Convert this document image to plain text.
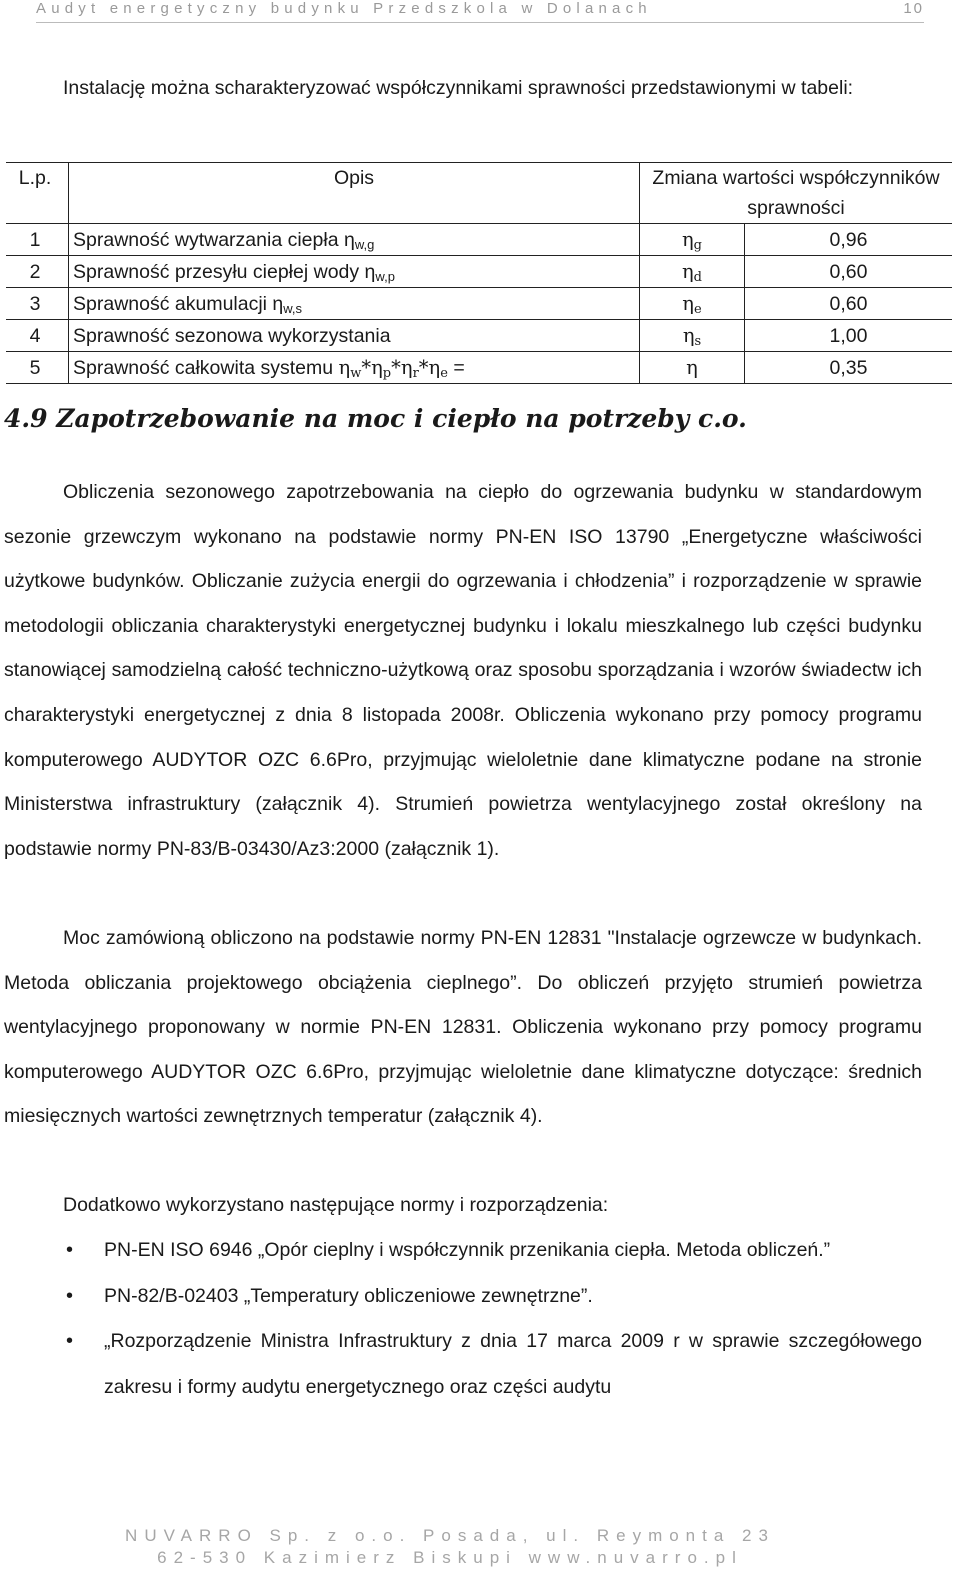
Audyt energetyczny budynku Przedszkola w Dolanach	10

Instalację można scharakteryzować współczynnikami sprawności przedstawionymi w tabeli:

L.p.	Opis	Zmiana wartości współczynników sprawności	
1	Sprawność wytwarzania ciepła $\eta_{w,g}$	$\eta_g$	0,96
2	Sprawność przesyłu ciepłej wody $\eta_{w,p}$	$\eta_d$	0,60
3	Sprawność akumulacji $\eta_{w,s}$	$\eta_e$	0,60
4	Sprawność sezonowa wykorzystania	$\eta_s$	1,00
5	Sprawność całkowita systemu $\eta_w*\eta_p*\eta_r*\eta_e$ =	η	0,35
4.9 Zapotrzebowanie na moc i ciepło na potrzeby c.o.

Obliczenia sezonowego zapotrzebowania na ciepło do ogrzewania budynku w standardowym sezonie grzewczym wykonano na podstawie normy PN-EN ISO 13790 „Energetyczne właściwości użytkowe budynków. Obliczanie zużycia energii do ogrzewania i chłodzenia” i rozporządzenie w sprawie metodologii obliczania charakterystyki energetycznej budynku i lokalu mieszkalnego lub części budynku stanowiącej samodzielną całość techniczno-użytkową oraz sposobu sporządzania i wzorów świadectw ich charakterystyki energetycznej z dnia 8 listopada 2008r. Obliczenia wykonano przy pomocy programu komputerowego AUDYTOR OZC 6.6Pro, przyjmując wieloletnie dane klimatyczne podane na stronie Ministerstwa infrastruktury (załącznik 4). Strumień powietrza wentylacyjnego został określony na podstawie normy PN-83/B-03430/Az3:2000 (załącznik 1).

Moc zamówioną obliczono na podstawie normy PN-EN 12831 "Instalacje ogrzewcze w budynkach. Metoda obliczania projektowego obciążenia cieplnego”. Do obliczeń przyjęto strumień powietrza wentylacyjnego proponowany w normie PN-EN 12831. Obliczenia wykonano przy pomocy programu komputerowego AUDYTOR OZC 6.6Pro, przyjmując wieloletnie dane klimatyczne dotyczące: średnich miesięcznych wartości zewnętrznych temperatur (załącznik 4).

Dodatkowo wykorzystano następujące normy i rozporządzenia:

• PN-EN ISO 6946 „Opór cieplny i współczynnik przenikania ciepła. Metoda obliczeń.”
• PN-82/B-02403 „Temperatury obliczeniowe zewnętrzne”.
• „Rozporządzenie Ministra Infrastruktury z dnia 17 marca 2009 r w sprawie szczegółowego zakresu i formy audytu energetycznego oraz części audytu
NUVARRO Sp. z o.o. Posada, ul. Reymonta 23
62-530 Kazimierz Biskupi www.nuvarro.pl
